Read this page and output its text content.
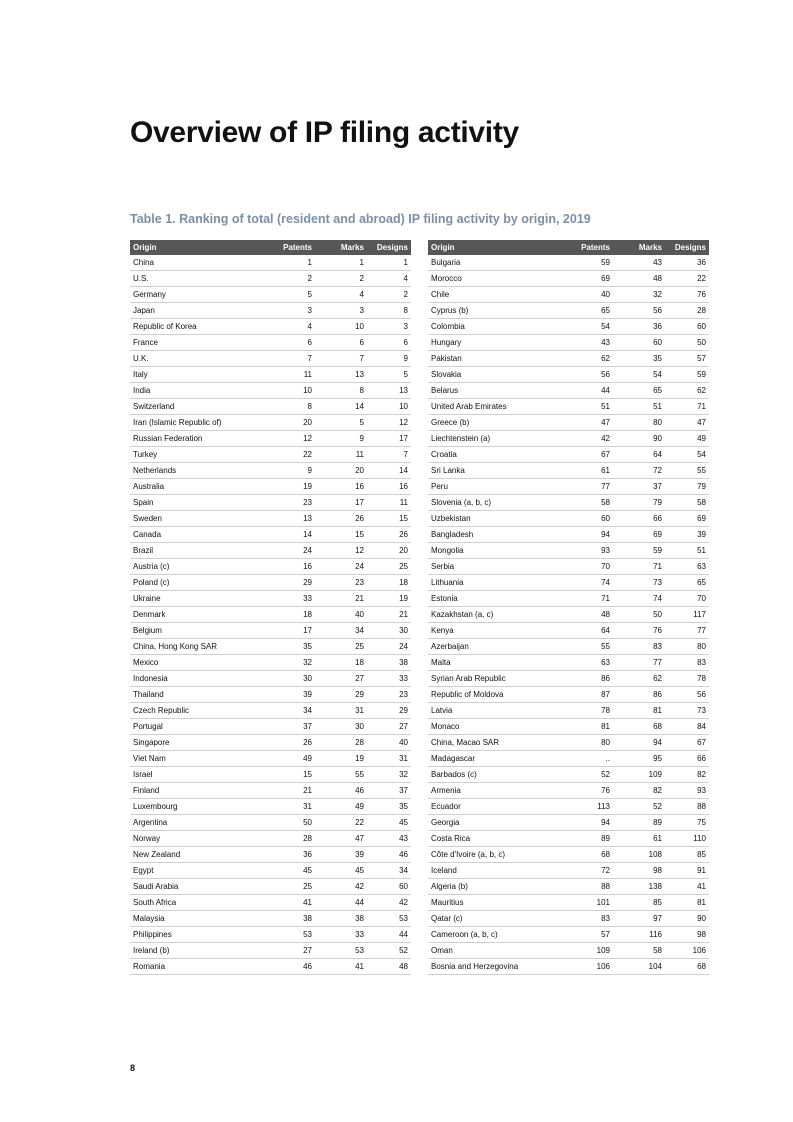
Overview of IP filing activity
Table 1. Ranking of total (resident and abroad) IP filing activity by origin, 2019
Origin	Patents	Marks	Designs
China	1	1	1
U.S.	2	2	4
Germany	5	4	2
Japan	3	3	8
Republic of Korea	4	10	3
France	6	6	6
U.K.	7	7	9
Italy	11	13	5
India	10	8	13
Switzerland	8	14	10
Iran (Islamic Republic of)	20	5	12
Russian Federation	12	9	17
Turkey	22	11	7
Netherlands	9	20	14
Australia	19	16	16
Spain	23	17	11
Sweden	13	26	15
Canada	14	15	26
Brazil	24	12	20
Austria (c)	16	24	25
Poland (c)	29	23	18
Ukraine	33	21	19
Denmark	18	40	21
Belgium	17	34	30
China, Hong Kong SAR	35	25	24
Mexico	32	18	38
Indonesia	30	27	33
Thailand	39	29	23
Czech Republic	34	31	29
Portugal	37	30	27
Singapore	26	28	40
Viet Nam	49	19	31
Israel	15	55	32
Finland	21	46	37
Luxembourg	31	49	35
Argentina	50	22	45
Norway	28	47	43
New Zealand	36	39	46
Egypt	45	45	34
Saudi Arabia	25	42	60
South Africa	41	44	42
Malaysia	38	38	53
Philippines	53	33	44
Ireland (b)	27	53	52
Romania	46	41	48
Origin	Patents	Marks	Designs
Bulgaria	59	43	36
Morocco	69	48	22
Chile	40	32	76
Cyprus (b)	65	56	28
Colombia	54	36	60
Hungary	43	60	50
Pakistan	62	35	57
Slovakia	56	54	59
Belarus	44	65	62
United Arab Emirates	51	51	71
Greece (b)	47	80	47
Liechtenstein (a)	42	90	49
Croatia	67	64	54
Sri Lanka	61	72	55
Peru	77	37	79
Slovenia (a, b, c)	58	79	58
Uzbekistan	60	66	69
Bangladesh	94	69	39
Mongolia	93	59	51
Serbia	70	71	63
Lithuania	74	73	65
Estonia	71	74	70
Kazakhstan (a, c)	48	50	117
Kenya	64	76	77
Azerbaijan	55	83	80
Malta	63	77	83
Syrian Arab Republic	86	62	78
Republic of Moldova	87	86	56
Latvia	78	81	73
Monaco	81	68	84
China, Macao SAR	80	94	67
Madagascar	..	95	66
Barbados (c)	52	109	82
Armenia	76	82	93
Ecuador	113	52	88
Georgia	94	89	75
Costa Rica	89	61	110
Côte d'Ivoire (a, b, c)	68	108	85
Iceland	72	98	91
Algeria (b)	88	138	41
Mauritius	101	85	81
Qatar (c)	83	97	90
Cameroon (a, b, c)	57	116	98
Oman	109	58	106
Bosnia and Herzegovina	106	104	68
8
